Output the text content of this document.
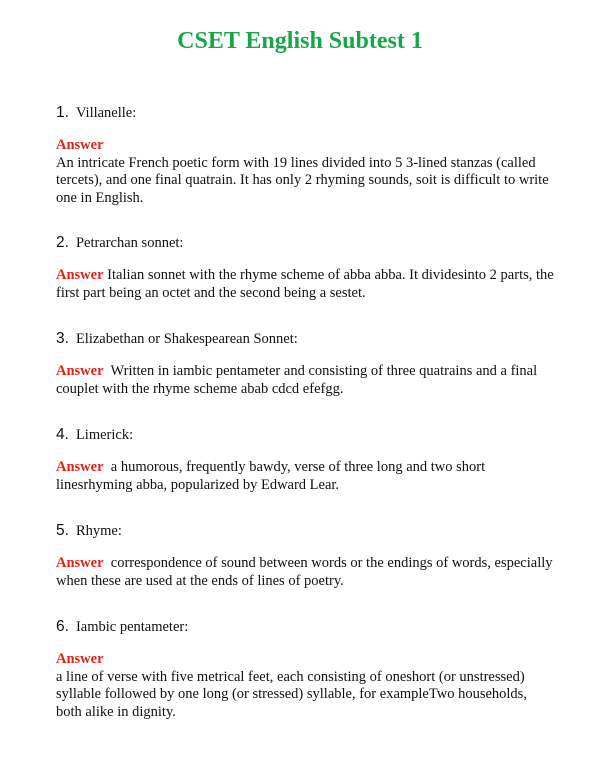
CSET English Subtest 1
1. Villanelle:
Answer
An intricate French poetic form with 19 lines divided into 5 3-lined stanzas (called tercets), and one final quatrain. It has only 2 rhyming sounds, soit is difficult to write one in English.
2. Petrarchan sonnet:
Answer Italian sonnet with the rhyme scheme of abba abba. It dividesinto 2 parts, the first part being an octet and the second being a sestet.
3. Elizabethan or Shakespearean Sonnet:
Answer Written in iambic pentameter and consisting of three quatrains and a final couplet with the rhyme scheme abab cdcd efefgg.
4. Limerick:
Answer a humorous, frequently bawdy, verse of three long and two short linesrhyming abba, popularized by Edward Lear.
5. Rhyme:
Answer correspondence of sound between words or the endings of words, especially when these are used at the ends of lines of poetry.
6. Iambic pentameter:
Answer
a line of verse with five metrical feet, each consisting of oneshort (or unstressed) syllable followed by one long (or stressed) syllable, for exampleTwo households, both alike in dignity.
